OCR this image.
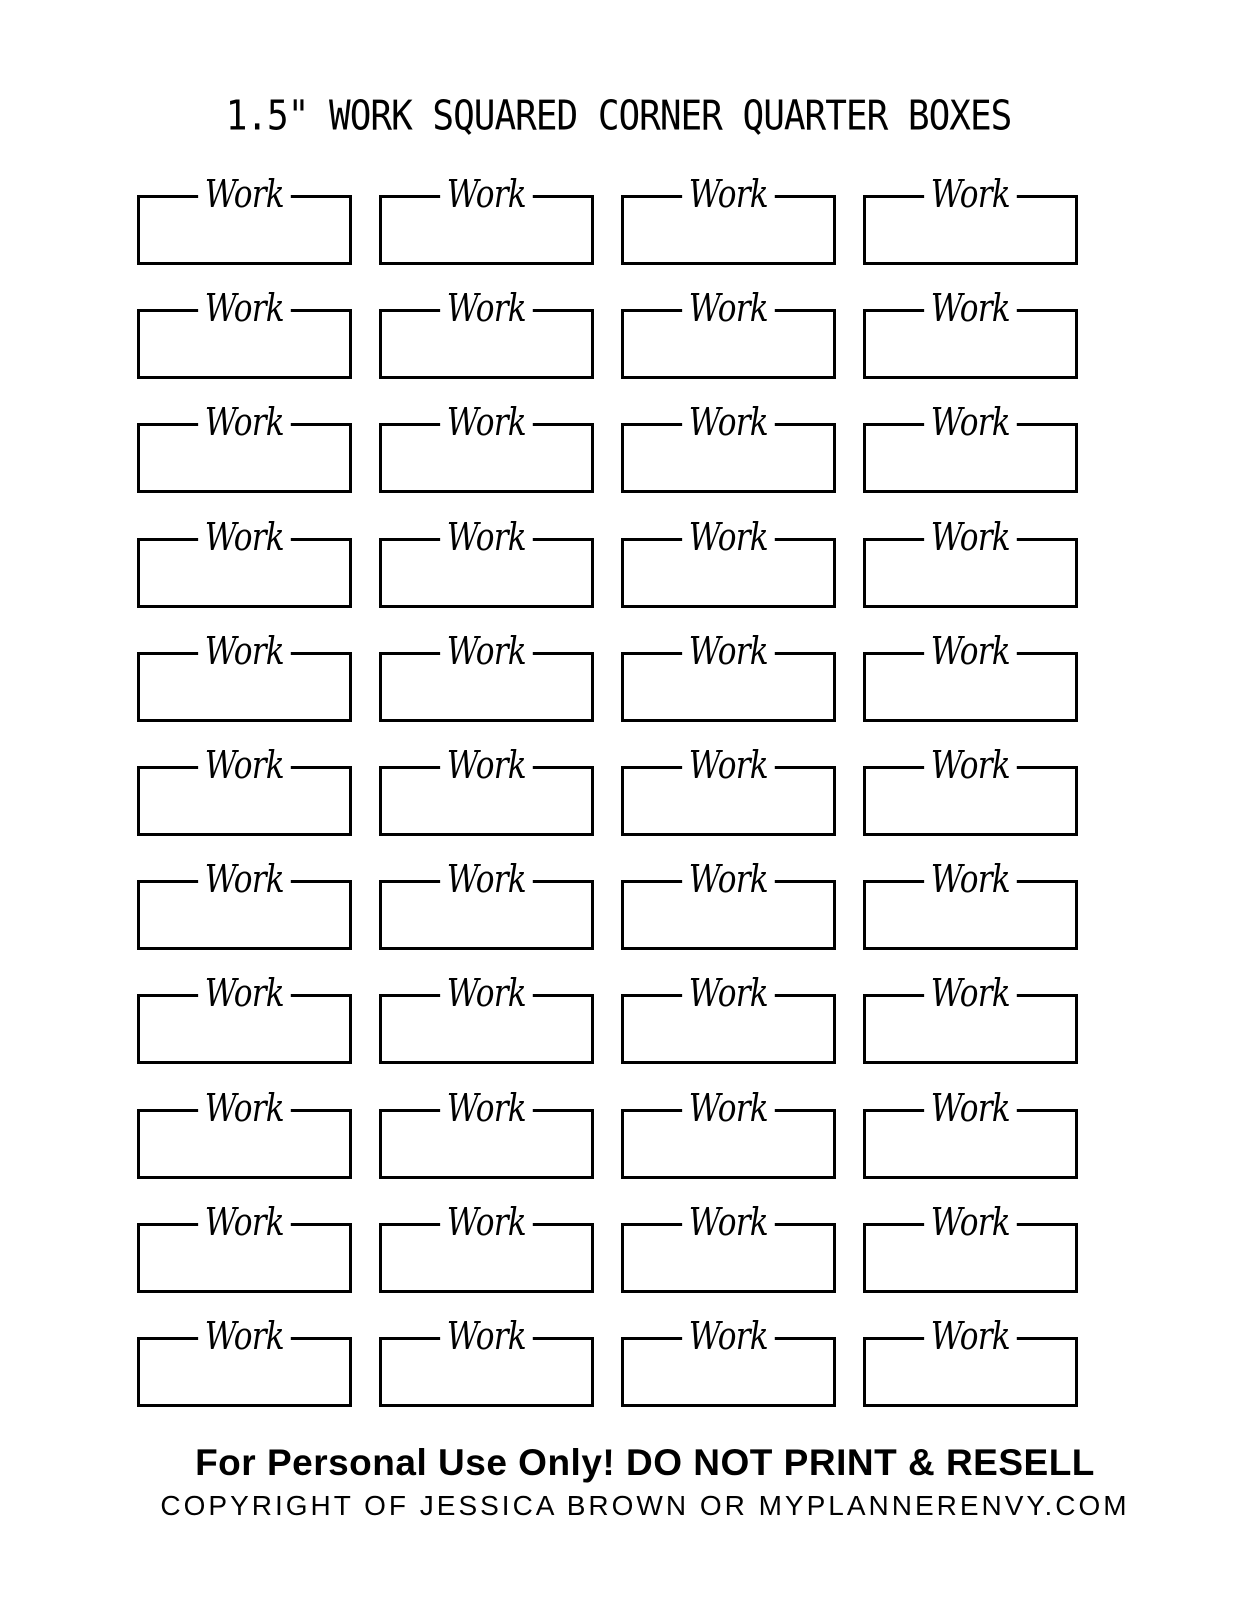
1.5" WORK SQUARED CORNER QUARTER BOXES
Work	Work	Work	Work
Work	Work	Work	Work
Work	Work	Work	Work
Work	Work	Work	Work
Work	Work	Work	Work
Work	Work	Work	Work
Work	Work	Work	Work
Work	Work	Work	Work
Work	Work	Work	Work
Work	Work	Work	Work
Work	Work	Work	Work
For Personal Use Only! DO NOT PRINT & RESELL
COPYRIGHT OF JESSICA BROWN OR MYPLANNERENVY.COM
